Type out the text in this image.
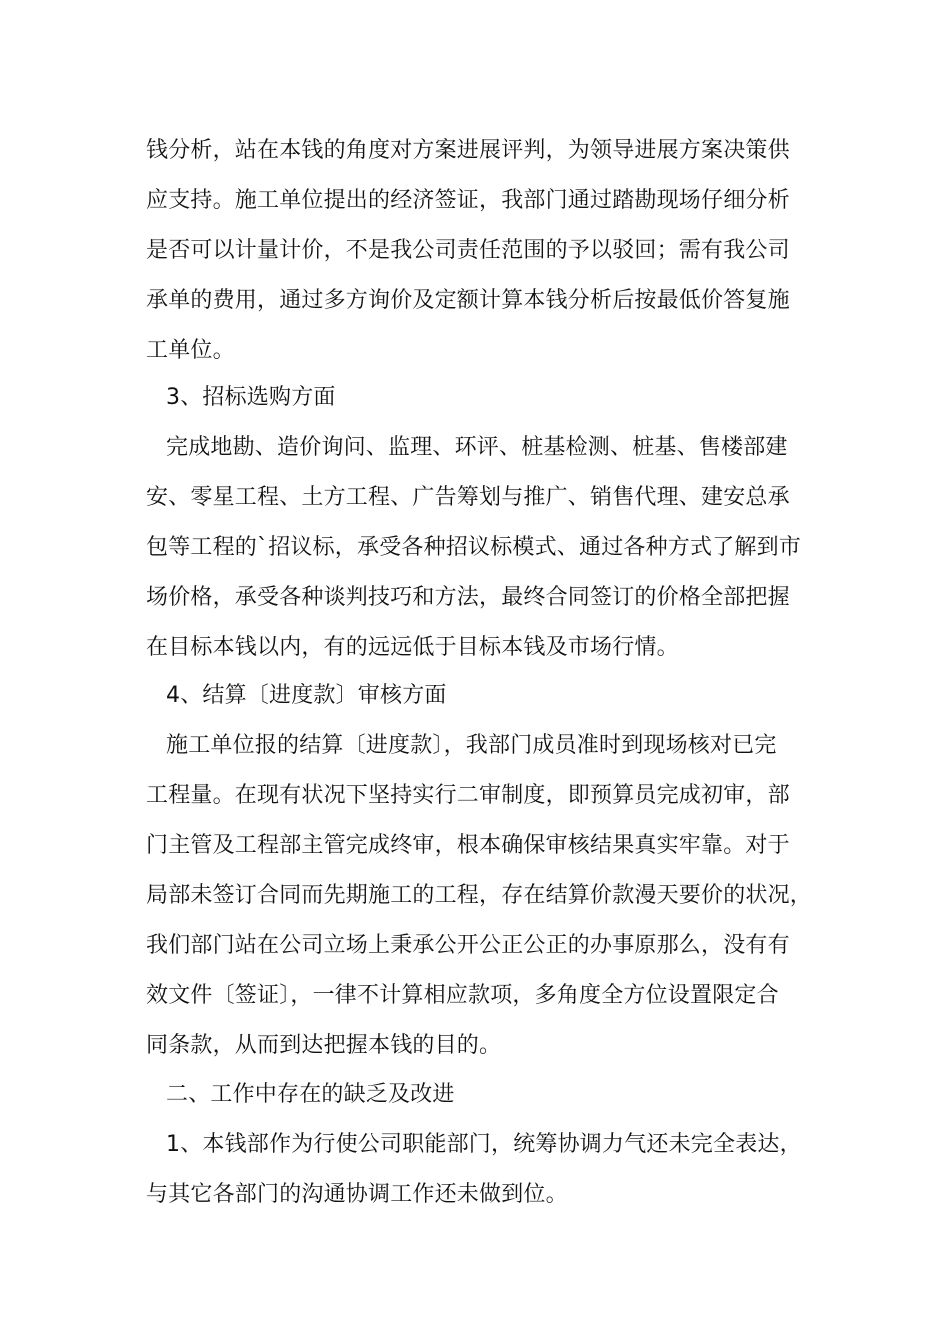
钱分析，站在本钱的角度对方案进展评判，为领导进展方案决策供
应支持。施工单位提出的经济签证，我部门通过踏勘现场仔细分析
是否可以计量计价，不是我公司责任范围的予以驳回；需有我公司
承单的费用，通过多方询价及定额计算本钱分析后按最低价答复施
工单位。
3、招标选购方面
完成地勘、造价询问、监理、环评、桩基检测、桩基、售楼部建
安、零星工程、土方工程、广告筹划与推广、销售代理、建安总承
包等工程的`招议标，承受各种招议标模式、通过各种方式了解到市
场价格，承受各种谈判技巧和方法，最终合同签订的价格全部把握
在目标本钱以内，有的远远低于目标本钱及市场行情。
4、结算〔进度款〕审核方面
施工单位报的结算〔进度款〕，我部门成员准时到现场核对已完
工程量。在现有状况下坚持实行二审制度，即预算员完成初审，部
门主管及工程部主管完成终审，根本确保审核结果真实牢靠。对于
局部未签订合同而先期施工的工程，存在结算价款漫天要价的状况，
我们部门站在公司立场上秉承公开公正公正的办事原那么，没有有
效文件〔签证〕，一律不计算相应款项，多角度全方位设置限定合
同条款，从而到达把握本钱的目的。
二、工作中存在的缺乏及改进
1、本钱部作为行使公司职能部门，统筹协调力气还未完全表达，
与其它各部门的沟通协调工作还未做到位。
